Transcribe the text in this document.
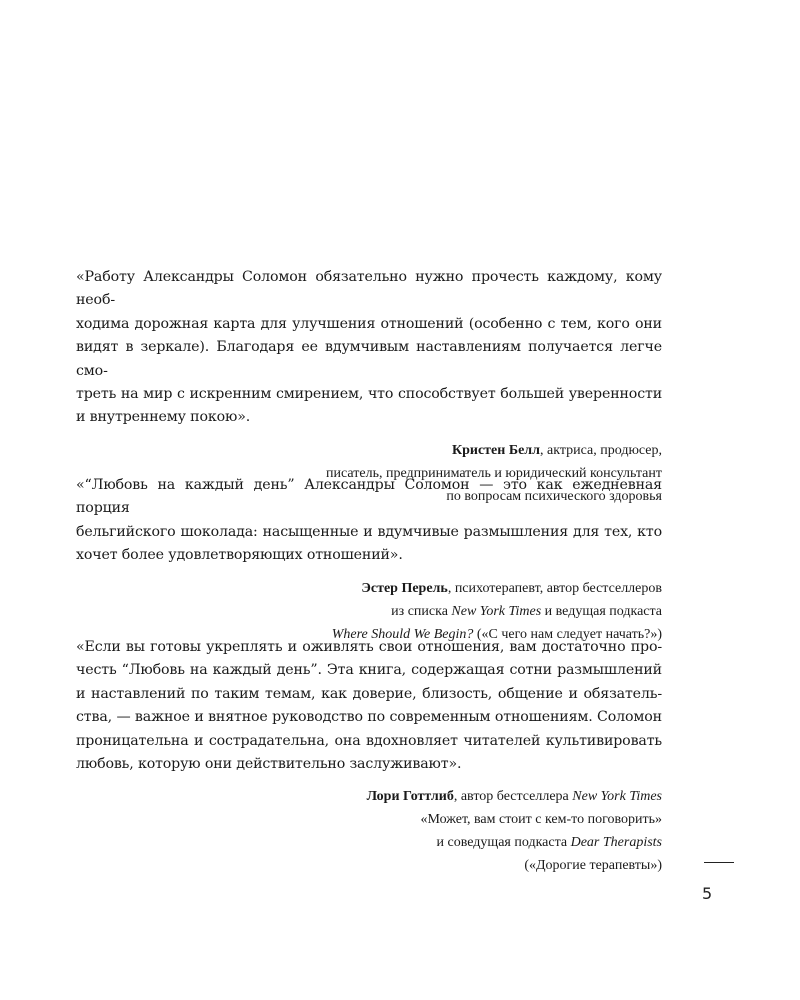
«Работу Александры Соломон обязательно нужно прочесть каждому, кому необ-
ходима дорожная карта для улучшения отношений (особенно с тем, кого они
видят в зеркале). Благодаря ее вдумчивым наставлениям получается легче смо-
треть на мир с искренним смирением, что способствует большей уверенности
и внутреннему покою».

Кристен Белл, актриса, продюсер,
писатель, предприниматель и юридический консультант
по вопросам психического здоровья

«“Любовь на каждый день” Александры Соломон — это как ежедневная порция
бельгийского шоколада: насыщенные и вдумчивые размышления для тех, кто
хочет более удовлетворяющих отношений».

Эстер Перель, психотерапевт, автор бестселлеров
из списка New York Times и ведущая подкаста
Where Should We Begin? («С чего нам следует начать?»)

«Если вы готовы укреплять и оживлять свои отношения, вам достаточно про-
честь “Любовь на каждый день”. Эта книга, содержащая сотни размышлений
и наставлений по таким темам, как доверие, близость, общение и обязатель-
ства, — важное и внятное руководство по современным отношениям. Соломон
проницательна и сострадательна, она вдохновляет читателей культивировать
любовь, которую они действительно заслуживают».

Лори Готтлиб, автор бестселлера New York Times
«Может, вам стоит с кем-то поговорить»
и соведущая подкаста Dear Therapists
(«Дорогие терапевты»)
5
